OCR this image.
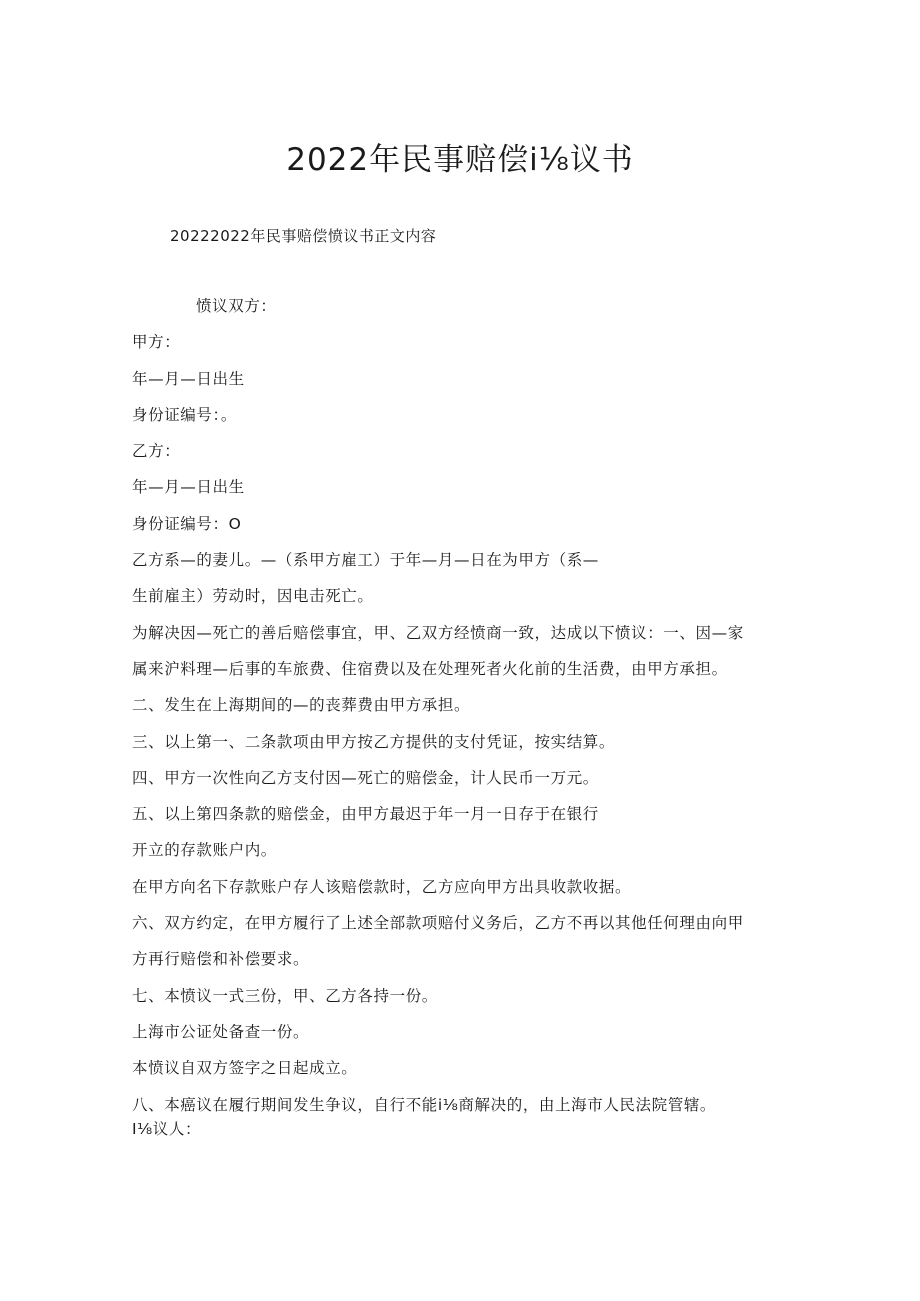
2022年民事赔偿i⅛议书
20222022年民事赔偿愤议书正文内容
愤议双方：
甲方：
年—月—日出生
身份证编号：。
乙方：
年—月—日出生
身份证编号：O
乙方系—的妻儿。—（系甲方雇工）于年—月—日在为甲方（系—
生前雇主）劳动时，因电击死亡。
为解决因—死亡的善后赔偿事宜，甲、乙双方经愤商一致，达成以下愤议：一、因—家
属来沪料理—后事的车旅费、住宿费以及在处理死者火化前的生活费，由甲方承担。
二、发生在上海期间的—的丧葬费由甲方承担。
三、以上第一、二条款项由甲方按乙方提供的支付凭证，按实结算。
四、甲方一次性向乙方支付因—死亡的赔偿金，计人民币一万元。
五、以上第四条款的赔偿金，由甲方最迟于年一月一日存于在银行
开立的存款账户内。
在甲方向名下存款账户存人该赔偿款时，乙方应向甲方出具收款收据。
六、双方约定，在甲方履行了上述全部款项赔付义务后，乙方不再以其他任何理由向甲
方再行赔偿和补偿要求。
七、本愤议一式三份，甲、乙方各持一份。
上海市公证处备查一份。
本愤议自双方签字之日起成立。
八、本癌议在履行期间发生争议，自行不能i⅛商解决的，由上海市人民法院管辖。
I⅛议人：
